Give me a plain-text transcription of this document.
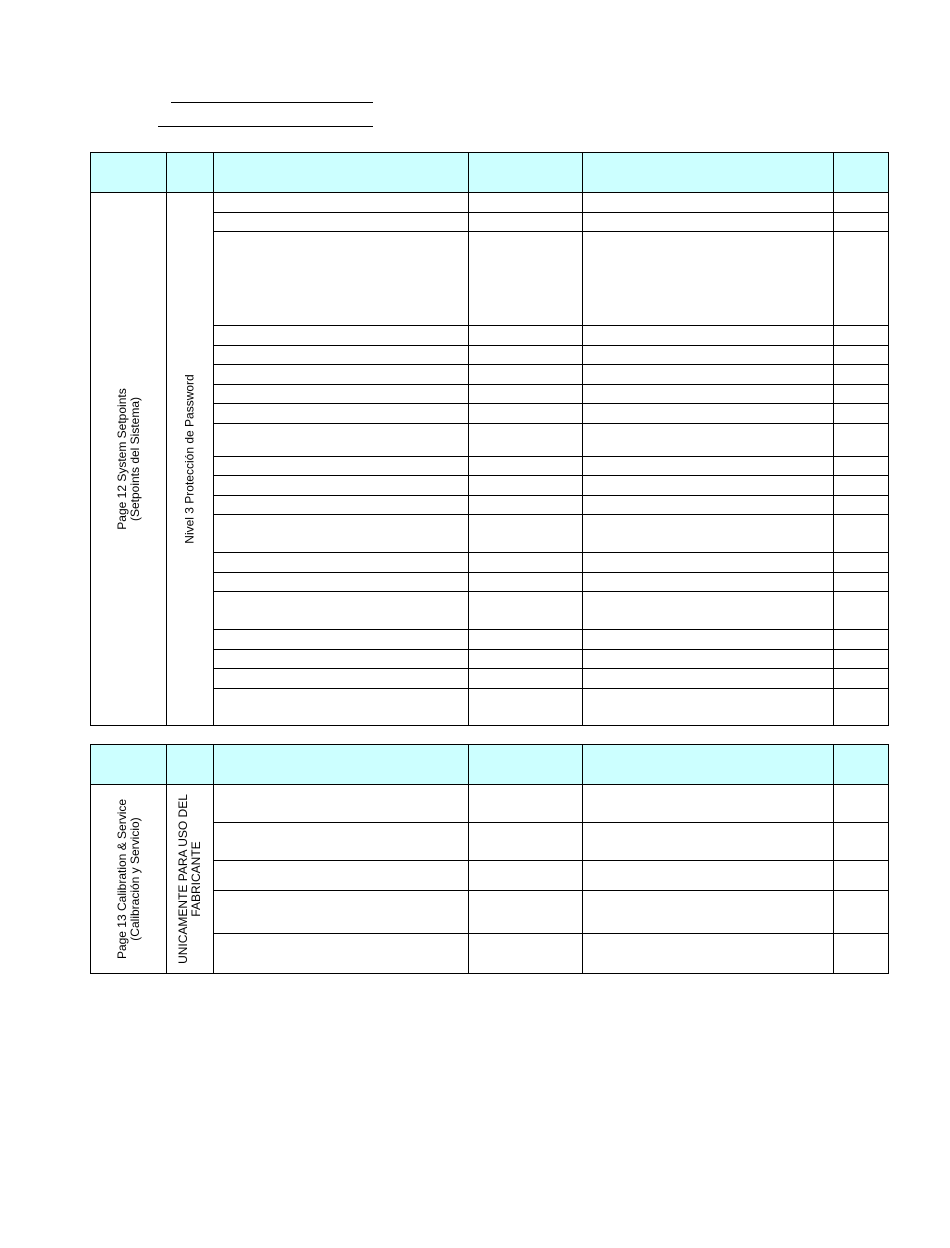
Page 12 System Setpoints (Setpoints del Sistema)	Nivel 3 Protección de Password				

Page 13 Calibration & Service (Calibración y Servicio)	UNICAMENTE PARA USO DEL FABRICANTE				
